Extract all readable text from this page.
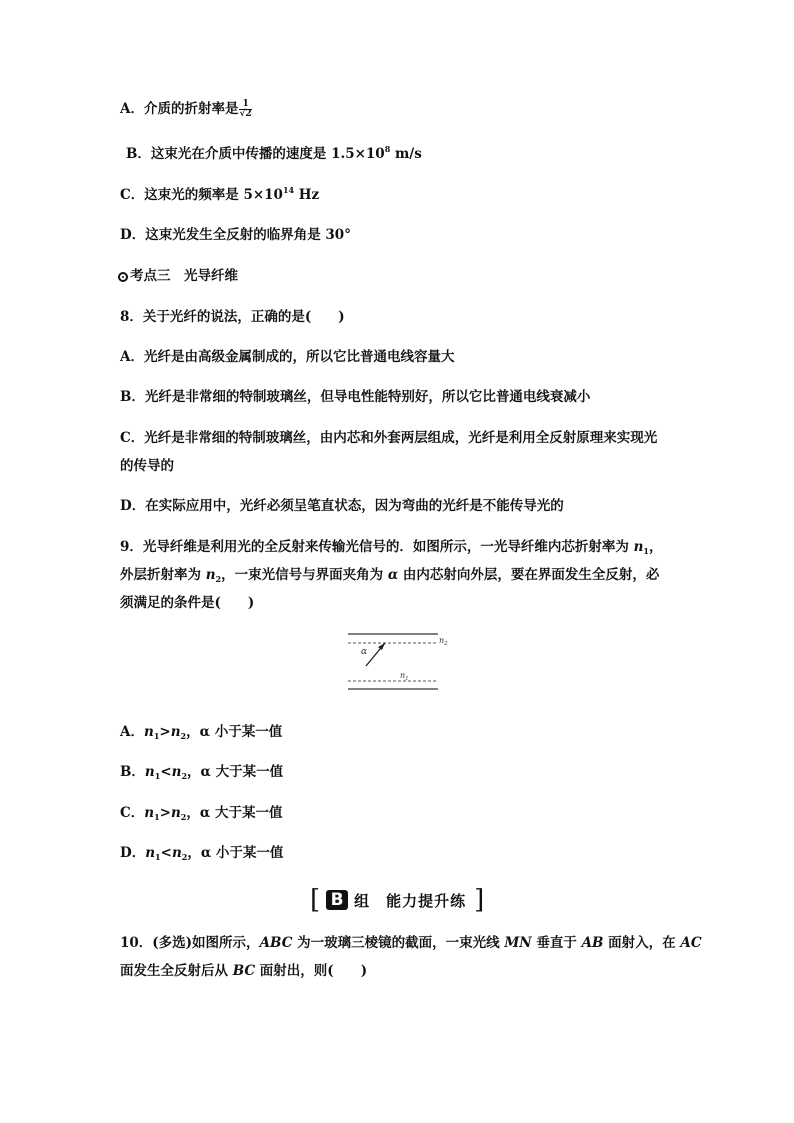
A．介质的折射率是 $\frac{1}{√2}$
B．这束光在介质中传播的速度是 $1.5\times 10^8$ m/s
C．这束光的频率是 $5\times 10^{14}$ Hz
D．这束光发生全反射的临界角是 30°
考点三　光导纤维
8．关于光纤的说法，正确的是(　　)
A．光纤是由高级金属制成的，所以它比普通电线容量大
B．光纤是非常细的特制玻璃丝，但导电性能特别好，所以它比普通电线衰减小
C．光纤是非常细的特制玻璃丝，由内芯和外套两层组成，光纤是利用全反射原理来实现光
的传导的
D．在实际应用中，光纤必须呈笔直状态，因为弯曲的光纤是不能传导光的
9．光导纤维是利用光的全反射来传输光信号的．如图所示，一光导纤维内芯折射率为 $n_1$，
外层折射率为 $n_2$，一束光信号与界面夹角为 α 由内芯射向外层，要在界面发生全反射，必
须满足的条件是(　　)
$n_2$
$n_1$
α
A．$n_1>n_2$，α 小于某一值
B．$n_1<n_2$，α 大于某一值
C．$n_1>n_2$，α 大于某一值
D．$n_1<n_2$，α 小于某一值
[ B 组　能力提升练 ]
10．(多选)如图所示，ABC 为一玻璃三棱镜的截面，一束光线 MN 垂直于 AB 面射入，在 AC
面发生全反射后从 BC 面射出，则(　　)
